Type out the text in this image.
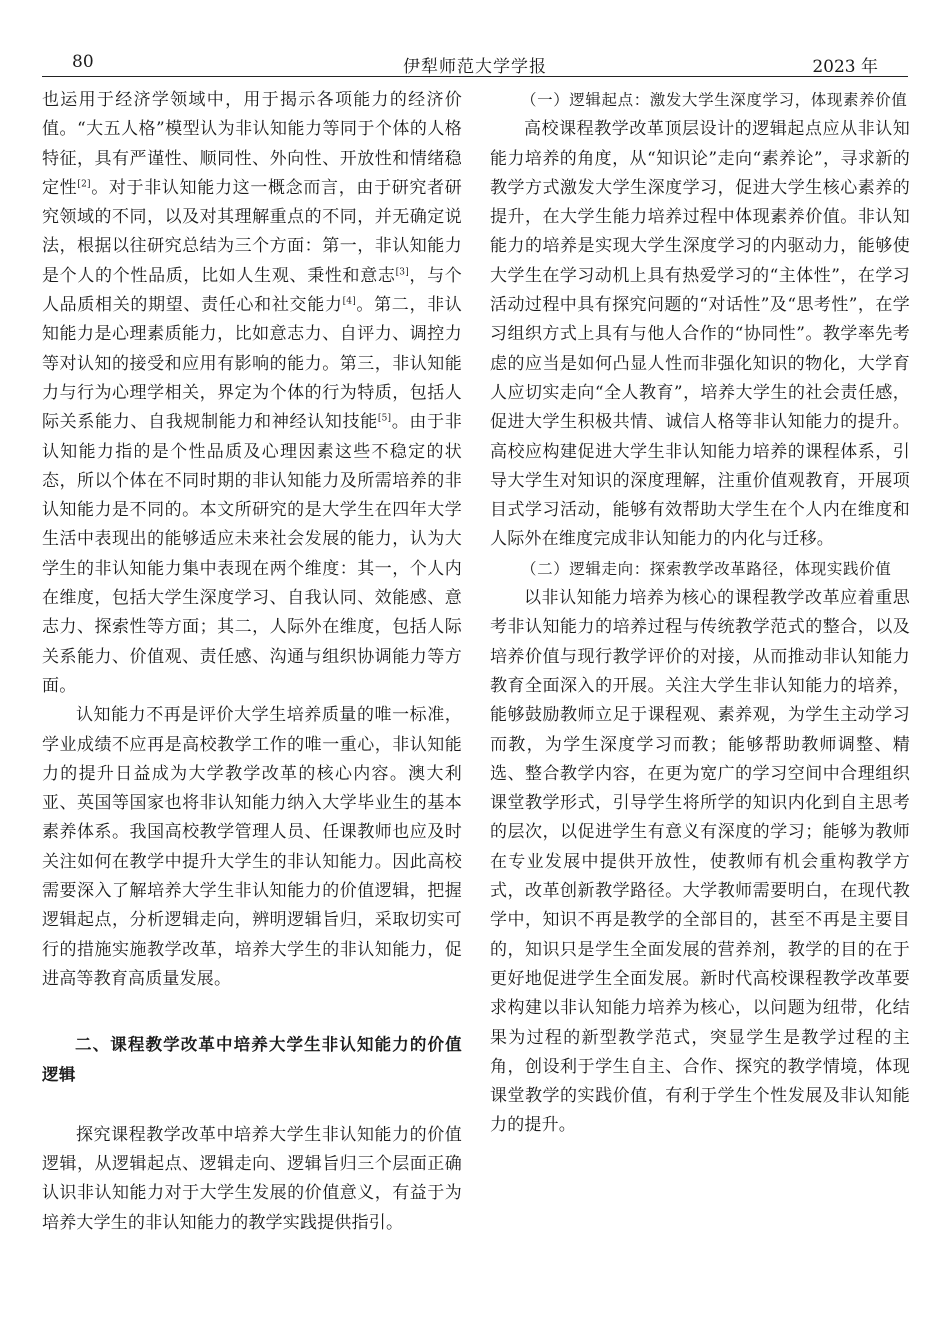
80	伊犁师范大学学报	2023 年

也运用于经济学领域中，用于揭示各项能力的经济价值。“大五人格”模型认为非认知能力等同于个体的人格特征，具有严谨性、顺同性、外向性、开放性和情绪稳定性[2]。对于非认知能力这一概念而言，由于研究者研究领域的不同，以及对其理解重点的不同，并无确定说法，根据以往研究总结为三个方面：第一，非认知能力是个人的个性品质，比如人生观、秉性和意志[3]，与个人品质相关的期望、责任心和社交能力[4]。第二，非认知能力是心理素质能力，比如意志力、自评力、调控力等对认知的接受和应用有影响的能力。第三，非认知能力与行为心理学相关，界定为个体的行为特质，包括人际关系能力、自我规制能力和神经认知技能[5]。由于非认知能力指的是个性品质及心理因素这些不稳定的状态，所以个体在不同时期的非认知能力及所需培养的非认知能力是不同的。本文所研究的是大学生在四年大学生活中表现出的能够适应未来社会发展的能力，认为大学生的非认知能力集中表现在两个维度：其一，个人内在维度，包括大学生深度学习、自我认同、效能感、意志力、探索性等方面；其二，人际外在维度，包括人际关系能力、价值观、责任感、沟通与组织协调能力等方面。

认知能力不再是评价大学生培养质量的唯一标准，学业成绩不应再是高校教学工作的唯一重心，非认知能力的提升日益成为大学教学改革的核心内容。澳大利亚、英国等国家也将非认知能力纳入大学毕业生的基本素养体系。我国高校教学管理人员、任课教师也应及时关注如何在教学中提升大学生的非认知能力。因此高校需要深入了解培养大学生非认知能力的价值逻辑，把握逻辑起点，分析逻辑走向，辨明逻辑旨归，采取切实可行的措施实施教学改革，培养大学生的非认知能力，促进高等教育高质量发展。

二、课程教学改革中培养大学生非认知能力的价值逻辑

探究课程教学改革中培养大学生非认知能力的价值逻辑，从逻辑起点、逻辑走向、逻辑旨归三个层面正确认识非认知能力对于大学生发展的价值意义，有益于为培养大学生的非认知能力的教学实践提供指引。

（一）逻辑起点：激发大学生深度学习，体现素养价值

高校课程教学改革顶层设计的逻辑起点应从非认知能力培养的角度，从“知识论”走向“素养论”，寻求新的教学方式激发大学生深度学习，促进大学生核心素养的提升，在大学生能力培养过程中体现素养价值。非认知能力的培养是实现大学生深度学习的内驱动力，能够使大学生在学习动机上具有热爱学习的“主体性”，在学习活动过程中具有探究问题的“对话性”及“思考性”，在学习组织方式上具有与他人合作的“协同性”。教学率先考虑的应当是如何凸显人性而非强化知识的物化，大学育人应切实走向“全人教育”，培养大学生的社会责任感，促进大学生积极共情、诚信人格等非认知能力的提升。高校应构建促进大学生非认知能力培养的课程体系，引导大学生对知识的深度理解，注重价值观教育，开展项目式学习活动，能够有效帮助大学生在个人内在维度和人际外在维度完成非认知能力的内化与迁移。

（二）逻辑走向：探索教学改革路径，体现实践价值

以非认知能力培养为核心的课程教学改革应着重思考非认知能力的培养过程与传统教学范式的整合，以及培养价值与现行教学评价的对接，从而推动非认知能力教育全面深入的开展。关注大学生非认知能力的培养，能够鼓励教师立足于课程观、素养观，为学生主动学习而教，为学生深度学习而教；能够帮助教师调整、精选、整合教学内容，在更为宽广的学习空间中合理组织课堂教学形式，引导学生将所学的知识内化到自主思考的层次，以促进学生有意义有深度的学习；能够为教师在专业发展中提供开放性，使教师有机会重构教学方式，改革创新教学路径。大学教师需要明白，在现代教学中，知识不再是教学的全部目的，甚至不再是主要目的，知识只是学生全面发展的营养剂，教学的目的在于更好地促进学生全面发展。新时代高校课程教学改革要求构建以非认知能力培养为核心，以问题为纽带，化结果为过程的新型教学范式，突显学生是教学过程的主角，创设利于学生自主、合作、探究的教学情境，体现课堂教学的实践价值，有利于学生个性发展及非认知能力的提升。
